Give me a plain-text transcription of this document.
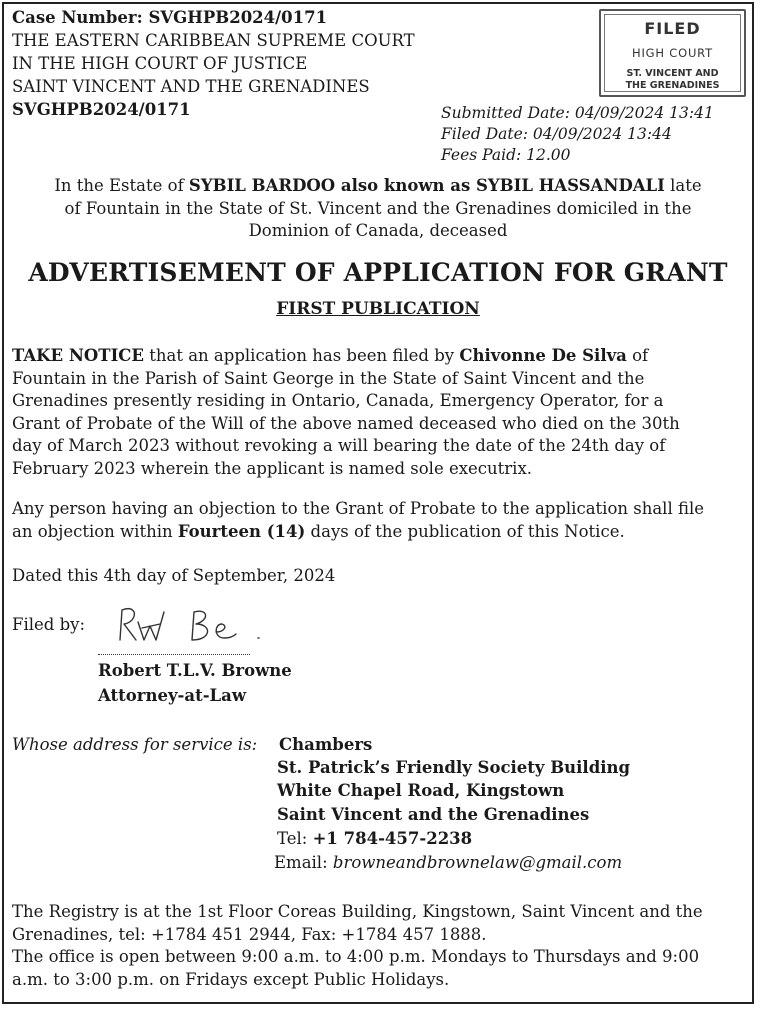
Case Number: SVGHPB2024/0171
THE EASTERN CARIBBEAN SUPREME COURT
IN THE HIGH COURT OF JUSTICE
SAINT VINCENT AND THE GRENADINES
SVGHPB2024/0171
FILED
HIGH COURT
ST. VINCENT AND
THE GRENADINES
Submitted Date: 04/09/2024 13:41
Filed Date: 04/09/2024 13:44
Fees Paid: 12.00
In the Estate of SYBIL BARDOO also known as SYBIL HASSANDALI late
of Fountain in the State of St. Vincent and the Grenadines domiciled in the
Dominion of Canada, deceased
ADVERTISEMENT OF APPLICATION FOR GRANT
FIRST PUBLICATION
TAKE NOTICE that an application has been filed by Chivonne De Silva of
Fountain in the Parish of Saint George in the State of Saint Vincent and the
Grenadines presently residing in Ontario, Canada, Emergency Operator, for a
Grant of Probate of the Will of the above named deceased who died on the 30th
day of March 2023 without revoking a will bearing the date of the 24th day of
February 2023 wherein the applicant is named sole executrix.
Any person having an objection to the Grant of Probate to the application shall file
an objection within Fourteen (14) days of the publication of this Notice.
Dated this 4th day of September, 2024
Filed by:
Robert T.L.V. Browne
Attorney-at-Law
Whose address for service is: Chambers
St. Patrick’s Friendly Society Building
White Chapel Road, Kingstown
Saint Vincent and the Grenadines
Tel: +1 784-457-2238
Email: browneandbrownelaw@gmail.com
The Registry is at the 1st Floor Coreas Building, Kingstown, Saint Vincent and the
Grenadines, tel: +1784 451 2944, Fax: +1784 457 1888.
The office is open between 9:00 a.m. to 4:00 p.m. Mondays to Thursdays and 9:00
a.m. to 3:00 p.m. on Fridays except Public Holidays.
